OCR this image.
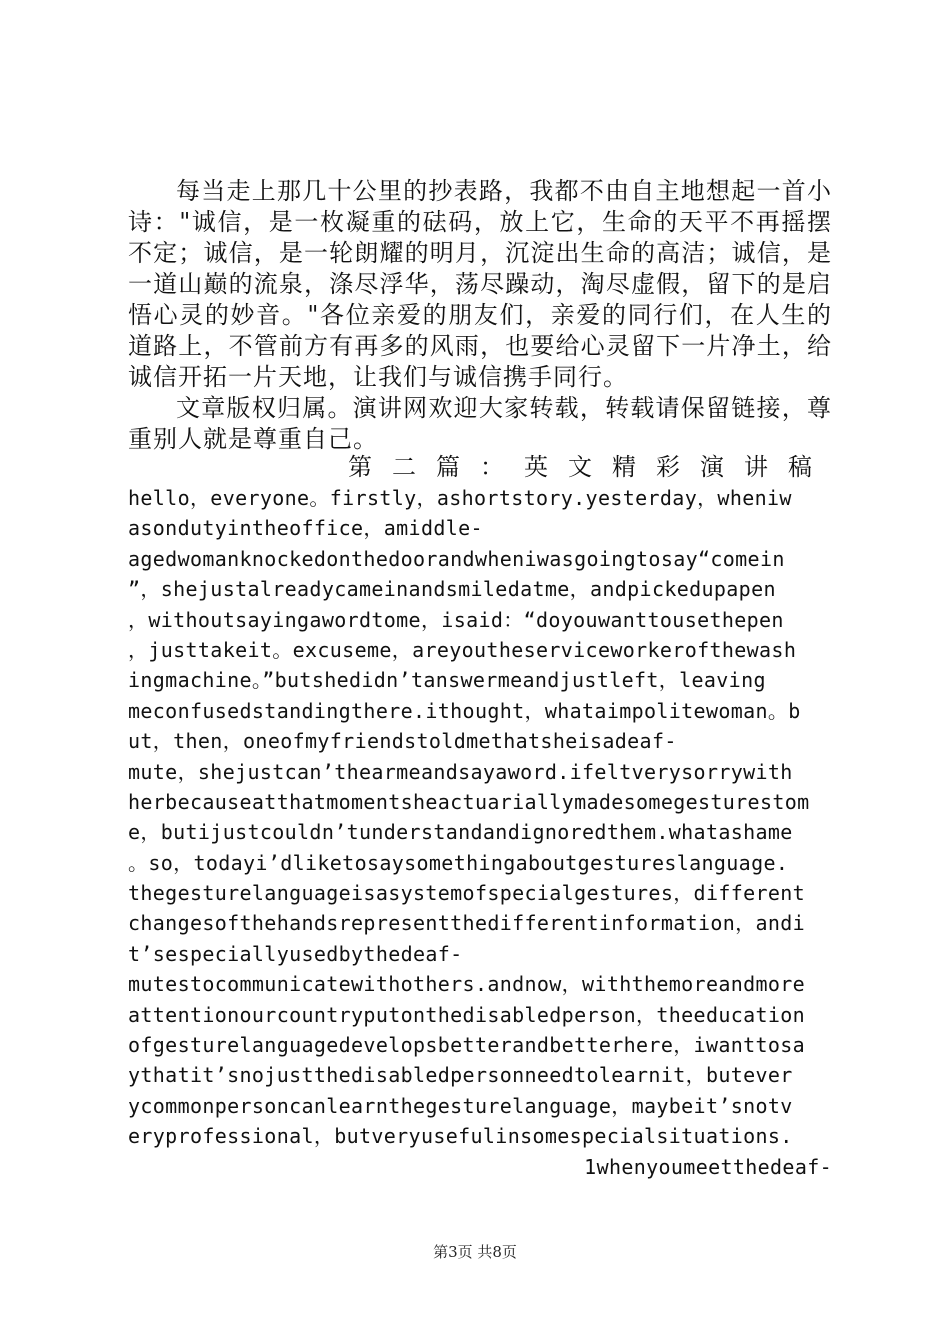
每当走上那几十公里的抄表路，我都不由自主地想起一首小诗："诚信，是一枚凝重的砝码，放上它，生命的天平不再摇摆不定；诚信，是一轮朗耀的明月，沉淀出生命的高洁；诚信，是一道山巅的流泉，涤尽浮华，荡尽躁动，淘尽虚假，留下的是启悟心灵的妙音。"各位亲爱的朋友们，亲爱的同行们，在人生的道路上，不管前方有再多的风雨，也要给心灵留下一片净土，给诚信开拓一片天地，让我们与诚信携手同行。

文章版权归属。演讲网欢迎大家转载，转载请保留链接，尊重别人就是尊重自己。

第二篇：英文精彩演讲稿
hello，everyone。firstly，ashortstory.yesterday，wheniw
asondutyintheoffice，amiddle-
agedwomanknockedonthedoorandwheniwasgoingtosay“comein
”，shejustalreadycameinandsmiledatme，andpickedupapen
，withoutsayingawordtome，isaid：“doyouwanttousethepen
，justtakeit。excuseme，areyoutheserviceworkerofthewash
ingmachine。”butshedidn’tanswermeandjustleft，leaving
meconfusedstandingthere.ithought，whataimpolitewoman。b
ut，then，oneofmyfriendstoldmethatsheisadeaf-
mute，shejustcan’thearmeandsayaword.ifeltverysorrywith
herbecauseatthatmomentsheactuariallymadesomegesturestom
e，butijustcouldn’tunderstandandignoredthem.whatashame
。so，todayi’dliketosaysomethingaboutgestureslanguage.
thegesturelanguageisasystemofspecialgestures，different
changesofthehandsrepresentthedifferentinformation，andi
t’sespeciallyusedbythedeaf-
mutestocommunicatewithothers.andnow，withthemoreandmore
attentionourcountryputonthedisabledperson，theeducation
ofgesturelanguagedevelopsbetterandbetterhere，iwanttosa
ythatit’snojustthedisabledpersonneedtolearnit，butever
ycommonpersoncanlearnthegesturelanguage，maybeit’snotv
eryprofessional，butveryusefulinsomespecialsituations.
1whenyoumeetthedeaf-
第3页 共8页
